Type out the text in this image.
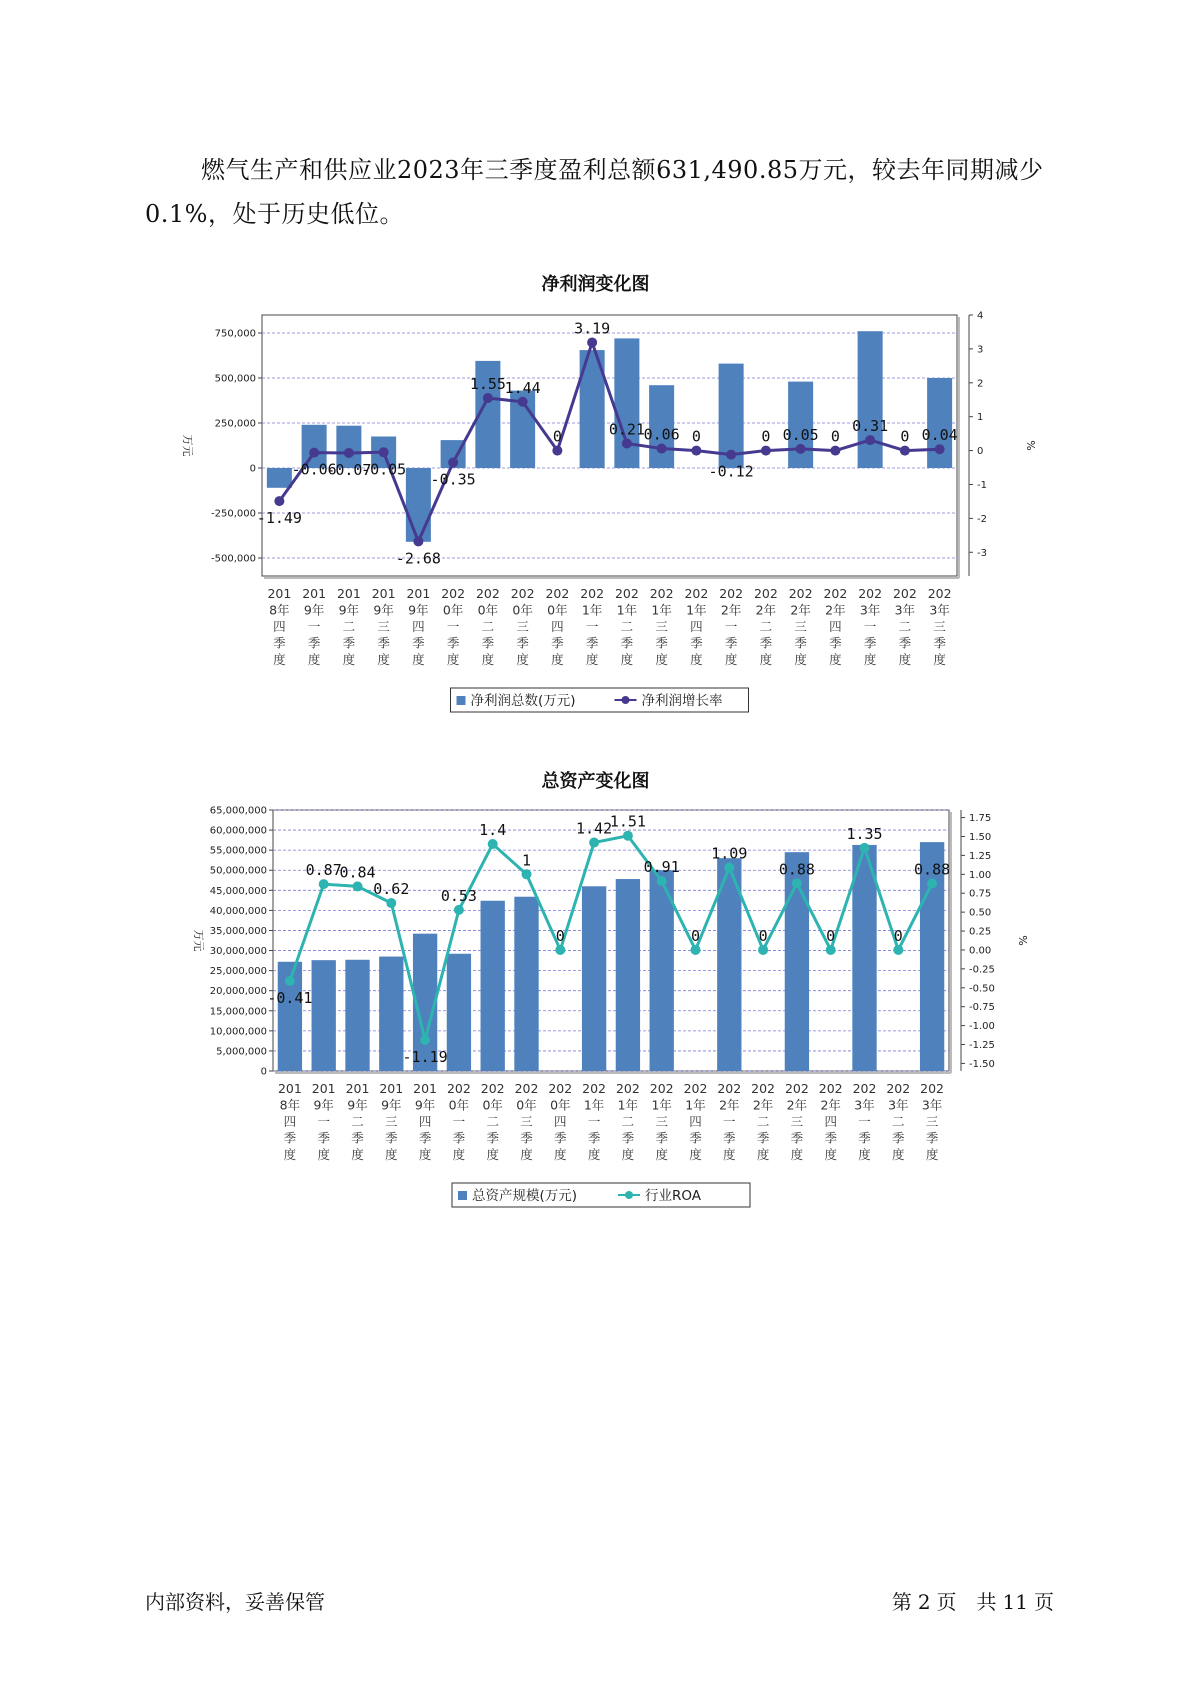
燃气生产和供应业2023年三季度盈利总额631,490.85万元，较去年同期减少0.1%，处于历史低位。

净利润变化图
-500,000
-250,000
0
250,000
500,000
750,000
-3
-2
-1
0
1
2
3
4
万元	%
-1.49
-0.06
-0.07
-0.05
-2.68
-0.35
1.55
1.44
0
3.19
0.21
0.06 0
-0.12
0 0.05 0
0.31
0 0.04
201
8年
四
季
度
201
9年
一
季
度
201
9年
二
季
度
201
9年
三
季
度
201
9年
四
季
度
202
0年
一
季
度
202
0年
二
季
度
202
0年
三
季
度
202
0年
四
季
度
202
1年
一
季
度
202
1年
二
季
度
202
1年
三
季
度
202
1年
四
季
度
202
2年
一
季
度
202
2年
二
季
度
202
2年
三
季
度
202
2年
四
季
度
202
3年
一
季
度
202
3年
二
季
度
202
3年
三
季
度
净利润总数(万元)	净利润增长率
总资产变化图
0
5,000,000
10,000,000
15,000,000
20,000,000
25,000,000
30,000,000
35,000,000
40,000,000
45,000,000
50,000,000
55,000,000
60,000,000
65,000,000
-1.50
-1.25
-1.00
-0.75
-0.50
-0.25
0.00
0.25
0.50
0.75
1.00
1.25
1.50
1.75
万元	%
-0.41
0.87
0.84
0.62
-1.19
0.53
1.4
1
0
1.42
1.51
0.91
0
1.09
0
0.88
0
1.35
0
0.88
201
8年
四
季
度
201
9年
一
季
度
201
9年
二
季
度
201
9年
三
季
度
201
9年
四
季
度
202
0年
一
季
度
202
0年
二
季
度
202
0年
三
季
度
202
0年
四
季
度
202
1年
一
季
度
202
1年
二
季
度
202
1年
三
季
度
202
1年
四
季
度
202
2年
一
季
度
202
2年
二
季
度
202
2年
三
季
度
202
2年
四
季
度
202
3年
一
季
度
202
3年
二
季
度
202
3年
三
季
度
总资产规模(万元)	行业ROA
内部资料，妥善保管	第 2 页　共 11 页
